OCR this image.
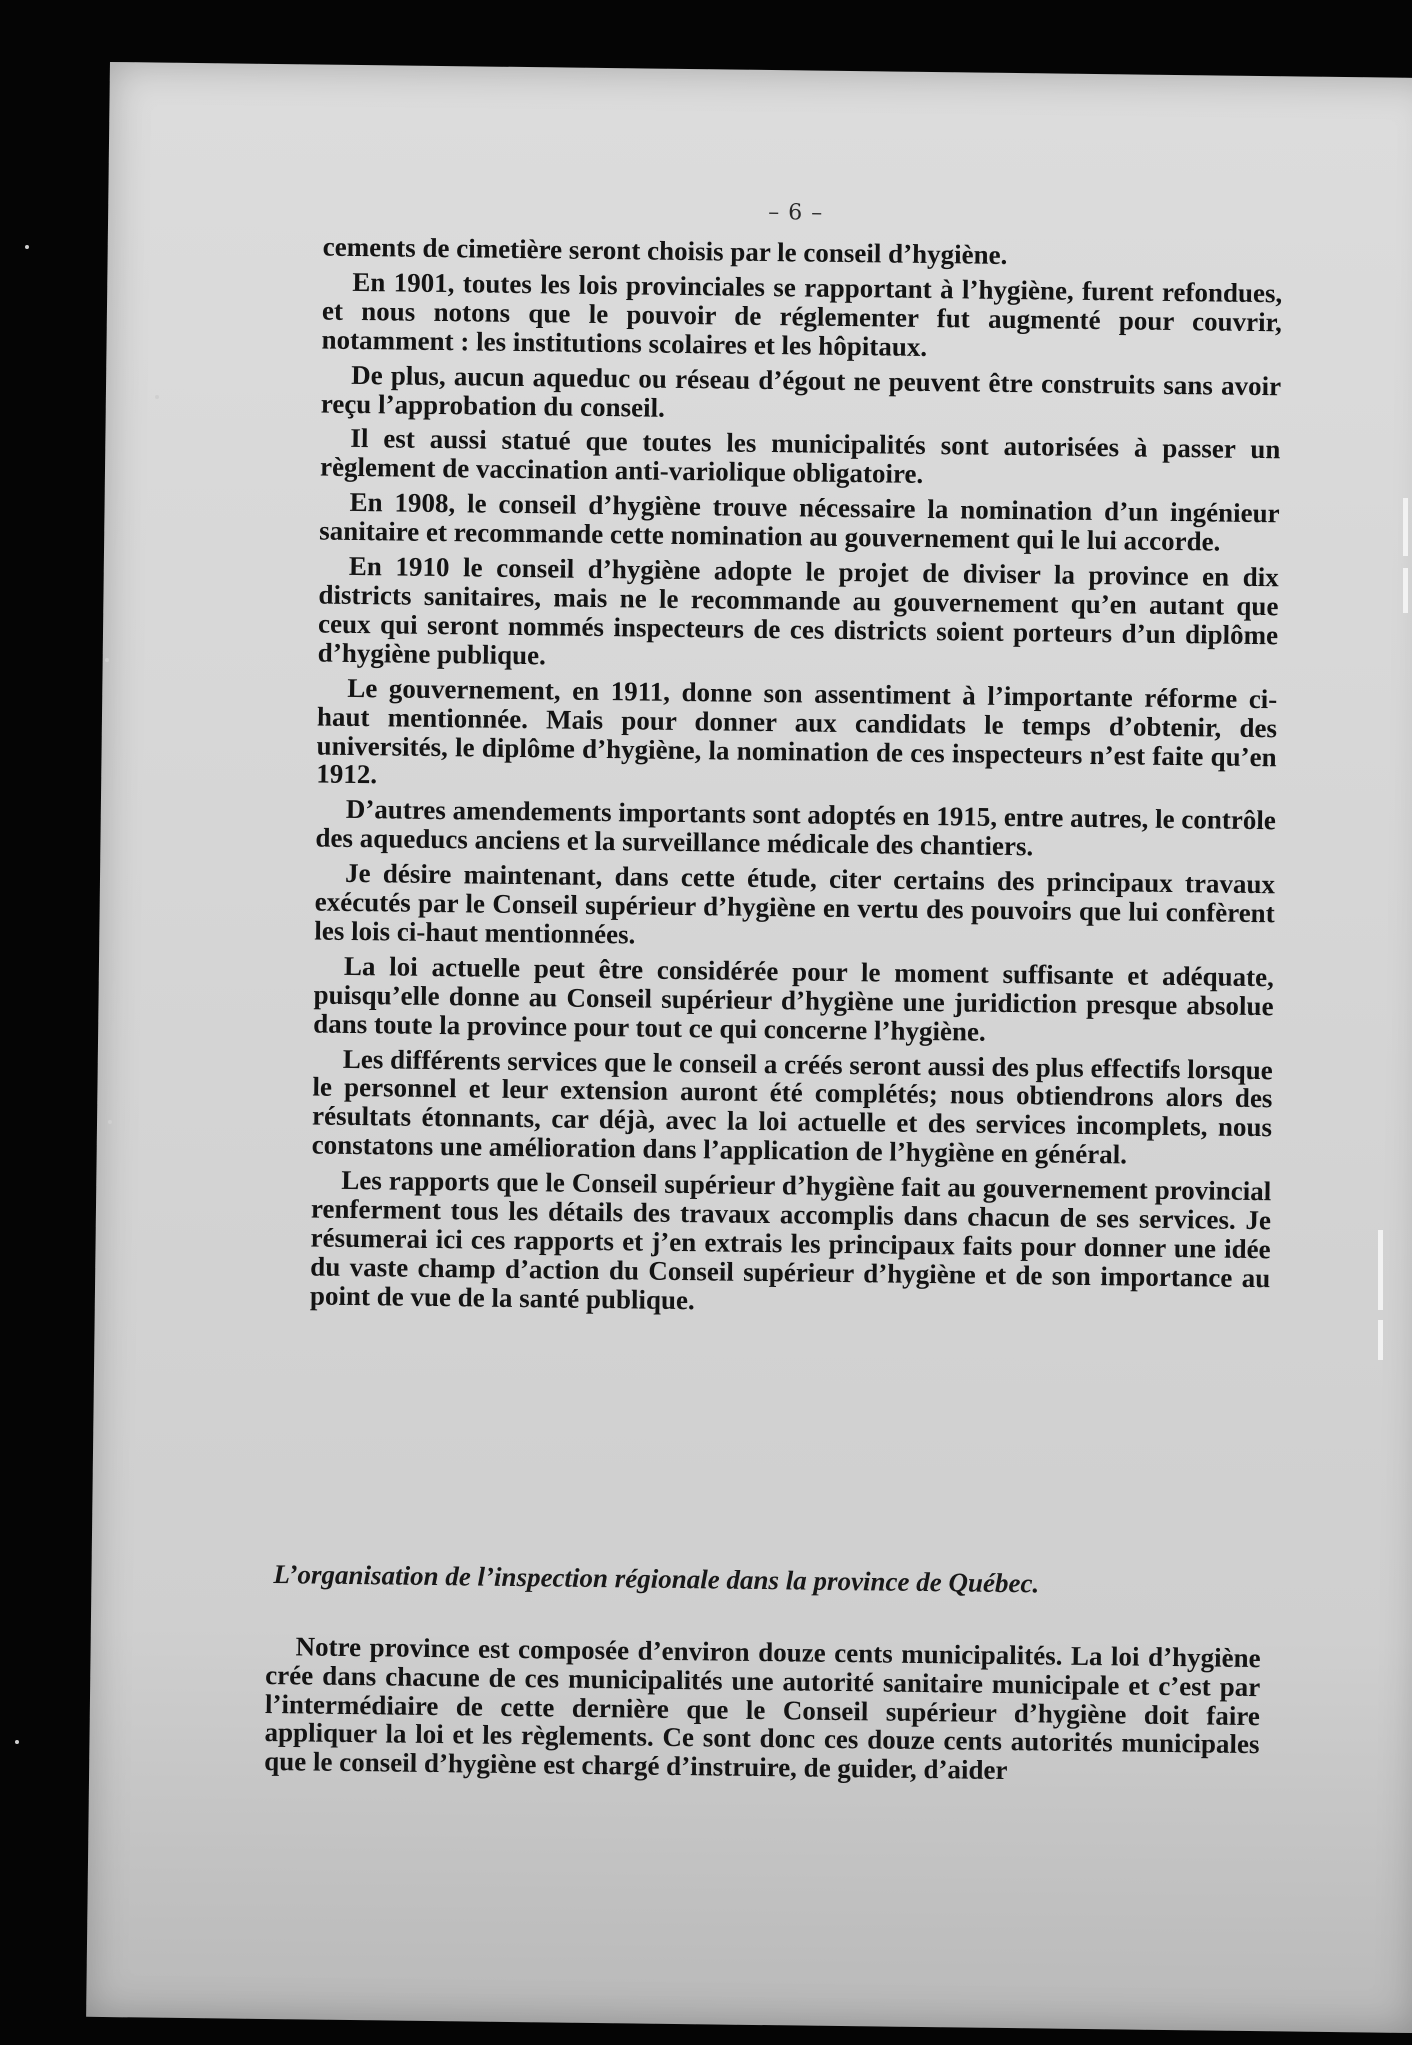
– 6 –

cements de cimetière seront choisis par le conseil d’hygiène.

En 1901, toutes les lois provinciales se rapportant à l’hygiène, furent refondues, et nous notons que le pouvoir de réglementer fut augmenté pour couvrir, notamment : les institutions scolaires et les hôpitaux.

De plus, aucun aqueduc ou réseau d’égout ne peuvent être construits sans avoir reçu l’approbation du conseil.

Il est aussi statué que toutes les municipalités sont autorisées à passer un règlement de vaccination anti-variolique obligatoire.

En 1908, le conseil d’hygiène trouve nécessaire la nomination d’un ingénieur sanitaire et recommande cette nomination au gouvernement qui le lui accorde.

En 1910 le conseil d’hygiène adopte le projet de diviser la province en dix districts sanitaires, mais ne le recommande au gouvernement qu’en autant que ceux qui seront nommés inspecteurs de ces districts soient porteurs d’un diplôme d’hygiène publique.

Le gouvernement, en 1911, donne son assentiment à l’importante réforme ci-haut mentionnée. Mais pour donner aux candidats le temps d’obtenir, des universités, le diplôme d’hygiène, la nomination de ces inspecteurs n’est faite qu’en 1912.

D’autres amendements importants sont adoptés en 1915, entre autres, le contrôle des aqueducs anciens et la surveillance médicale des chantiers.

Je désire maintenant, dans cette étude, citer certains des principaux travaux exécutés par le Conseil supérieur d’hygiène en vertu des pouvoirs que lui confèrent les lois ci-haut mentionnées.

La loi actuelle peut être considérée pour le moment suffisante et adéquate, puisqu’elle donne au Conseil supérieur d’hygiène une juridiction presque absolue dans toute la province pour tout ce qui concerne l’hygiène.

Les différents services que le conseil a créés seront aussi des plus effectifs lorsque le personnel et leur extension auront été complétés; nous obtiendrons alors des résultats étonnants, car déjà, avec la loi actuelle et des services incomplets, nous constatons une amélioration dans l’application de l’hygiène en général.

Les rapports que le Conseil supérieur d’hygiène fait au gouvernement provincial renferment tous les détails des travaux accomplis dans chacun de ses services. Je résumerai ici ces rapports et j’en extrais les principaux faits pour donner une idée du vaste champ d’action du Conseil supérieur d’hygiène et de son importance au point de vue de la santé publique.

L’organisation de l’inspection régionale dans la province de Québec.

Notre province est composée d’environ douze cents municipalités. La loi d’hygiène crée dans chacune de ces municipalités une autorité sanitaire municipale et c’est par l’intermédiaire de cette dernière que le Conseil supérieur d’hygiène doit faire appliquer la loi et les règlements. Ce sont donc ces douze cents autorités municipales que le conseil d’hygiène est chargé d’instruire, de guider, d’aider
